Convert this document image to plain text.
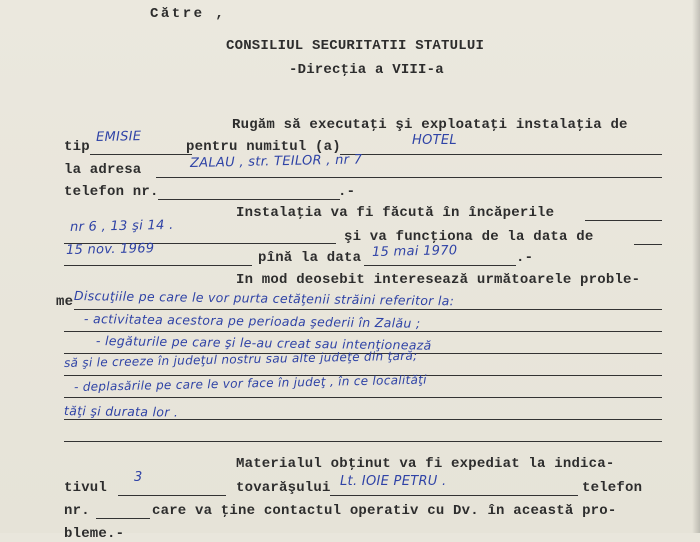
Către ,
CONSILIUL SECURITATII STATULUI
-Direcţia a VIII-a
Rugăm să executaţi şi exploataţi instalaţia de
tip
EMISIE
pentru numitul (a)	HOTEL
la adresa	ZALAU , str. TEILOR , nr 7
telefon nr.	.-
Instalaţia va fi făcută în încăperile
nr 6 , 13 şi 14 .
şi va funcţiona de la data de
15 nov. 1969
pînă la data 15 mai 1970	.-
In mod deosebit interesează următoarele proble-
me Discuţiile pe care le vor purta cetăţenii străini referitor la:
- activitatea acestora pe perioada şederii în Zalău ;
- legăturile pe care şi le-au creat sau intenţionează
să şi le creeze în judeţul nostru sau alte judeţe din ţară;
- deplasările pe care le vor face în judeţ , în ce localităţi
tăţi şi durata lor .
Materialul obţinut va fi expediat la indica-
tivul
3
tovarăşului Lt. IOIE PETRU .	telefon
nr.	care va ţine contactul operativ cu Dv. în această pro-
bleme.-
